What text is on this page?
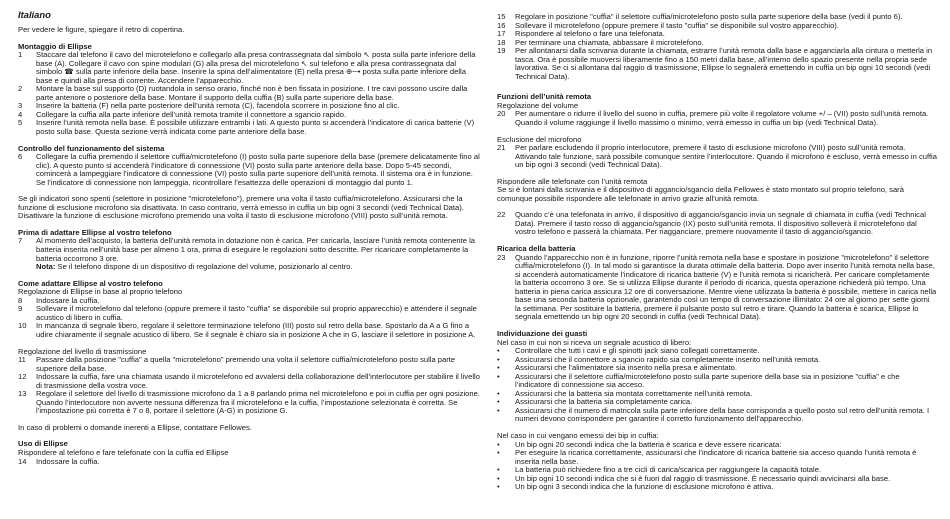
Italiano
Per vedere le figure, spiegare il retro di copertina.
Montaggio di Ellipse
1	Staccare dal telefono il cavo del microtelefono e collegarlo alla presa contrassegnata dal simbolo ↖ posta sulla parte inferiore della base (A). Collegare il cavo con spine modulari (G) alla presa del microtelefono ↖ sul telefono e alla presa contrassegnata dal simbolo ☎ sulla parte inferiore della base. Inserire la spina dell’alimentatore (E) nella presa ⊕─• posta sulla parte inferiore della base e quindi alla presa di corrente. Accendere l’apparecchio.
2	Montare la base sul supporto (D) ruotandola in senso orario, finché non è ben fissata in posizione. I tre cavi possono uscire dalla parte anteriore o posteriore della base. Montare il supporto della cuffia (B) sulla parte superiore della base.
3	Inserire la batteria (F) nella parte posteriore dell’unità remota (C), facendola scorrere in posizione fino al clic.
4	Collegare la cuffia alla parte inferiore dell’unità remota tramite il connettore a sgancio rapido.
5	Inserire l’unità remota nella base. È possibile utilizzare entrambi i lati. A questo punto si accenderà l’indicatore di carica batterie (V) posto sulla base. Questa sezione verrà indicata come parte anteriore della base.
Controllo del funzionamento del sistema
6	Collegare la cuffia premendo il selettore cuffia/microtelefono (I) posto sulla parte superiore della base (premere delicatamente fino al clic). A questo punto si accenderà l’indicatore di connessione (VI) posto sulla parte anteriore della base. Dopo 5-45 secondi, comincerà a lampeggiare l’indicatore di connessione (VI) posto sulla parte superiore dell’unità remota. Il sistema ora è in funzione. Se l’indicatore di connessione non lampeggia, ricontrollare l’esattezza delle operazioni di montaggio dal punto 1.
Se gli indicatori sono spenti (selettore in posizione "microtelefono"), premere una volta il tasto cuffia/microtelefono. Assicurarsi che la funzione di esclusione microfono sia disattivata. In caso contrario, verrà emesso in cuffia un bip ogni 3 secondi (vedi Technical Data). Disattivare la funzione di esclusione microfono premendo una volta il tasto di esclusione microfono (VIII) posto sull’unità remota.
Prima di adattare Ellipse al vostro telefono
7	Al momento dell’acquisto, la batteria dell’unità remota in dotazione non è carica. Per caricarla, lasciare l’unità remota contenente la batteria inserita nell’unità base per almeno 1 ora, prima di eseguire le regolazioni sotto descritte. Per ricaricare completamente la batteria occorrono 3 ore.
Nota: Se il telefono dispone di un dispositivo di regolazione del volume, posizionarlo al centro.
Come adattare Ellipse al vostro telefono
Regolazione di Ellipse in base al proprio telefono
8	Indossare la cuffia.
9	Sollevare il microtelefono dal telefono (oppure premere il tasto "cuffia" se disponibile sul proprio apparecchio) e attendere il segnale acustico di libero in cuffia.
10	In mancanza di segnale libero, regolare il selettore terminazione telefono (III) posto sul retro della base. Spostarlo da A a G fino a udire chiaramente il segnale acustico di libero. Se il segnale è chiaro sia in posizione A che in G, lasciare il selettore in posizione A.
Regolazione del livello di trasmissione
11	Passare dalla posizione "cuffia" a quella "microtelefono" premendo una volta il selettore cuffia/microtelefono posto sulla parte superiore della base.
12	Indossare la cuffia, fare una chiamata usando il microtelefono ed avvalersi della collaborazione dell’interlocutore per stabilire il livello di trasmissione della vostra voce.
13	Regolare il selettore del livello di trasmissione microfono da 1 a 8 parlando prima nel microtelefono e poi in cuffia per ogni posizione. Quando l’interlocutore non avverte nessuna differenza fra il microtelefono e la cuffia, l’impostazione selezionata è corretta. Se l’impostazione più corretta è 7 o 8, portare il selettore (A-G) in posizione G.
In caso di problemi o domande inerenti a Ellipse, contattare Fellowes.
Uso di Ellipse
Rispondere al telefono e fare telefonate con la cuffia ed Ellipse
14	Indossare la cuffia.
15	Regolare in posizione "cuffia" il selettore cuffia/microtelefono posto sulla parte superiore della base (vedi il punto 6).
16	Sollevare il microtelefono (oppure premere il tasto "cuffia" se disponibile sul vostro apparecchio).
17	Rispondere al telefono o fare una telefonata.
18	Per terminare una chiamata, abbassare il microtelefono.
19	Per allontanarsi dalla scrivania durante la chiamata, estrarre l’unità remota dalla base e agganciarla alla cintura o metterla in tasca. Ora è possibile muoversi liberamente fino a 150 metri dalla base, all’interno dello spazio presente nella propria sede lavorativa. Se ci si allontana dal raggio di trasmissione, Ellipse lo segnalerà emettendo in cuffia un bip ogni 10 secondi (vedi Technical Data).
Funzioni dell’unità remota
Regolazione del volume
20	Per aumentare o ridurre il livello del suono in cuffia, premere più volte il regolatore volume +/ – (VII) posto sull’unità remota. Quando il volume raggiunge il livello massimo o minimo, verrà emesso in cuffia un bip (vedi Technical Data).
Esclusione del microfono
21	Per parlare escludendo il proprio interlocutore, premere il tasto di esclusione microfono (VIII) posto sull’unità remota. Attivando tale funzione, sarà possibile comunque sentire l’interlocutore. Quando il microfono è escluso, verrà emesso in cuffia un bip ogni 3 secondi (vedi Technical Data).
Rispondere alle telefonate con l’unità remota
Se si è lontani dalla scrivania e il dispositivo di aggancio/sgancio della Fellowes è stato montato sul proprio telefono, sarà comunque possibile rispondere alle telefonate in arrivo grazie all’unità remota.
22	Quando c’è una telefonata in arrivo, il dispositivo di aggancio/sgancio invia un segnale di chiamata in cuffia (vedi Technical Data). Premere il tasto rosso di aggancio/sgancio (IX) posto sull’unità remota. Il dispositivo solleverà il microtelefono dal vostro telefono e passerà la chiamata. Per riagganciare, premere nuovamente il tasto di aggancio/sgancio.
Ricarica della batteria
23	Quando l’apparecchio non è in funzione, riporre l’unità remota nella base e spostare in posizione "microtelefono" il selettore cuffia/microtelefono (I). In tal modo si garantisce la durata ottimale della batteria. Dopo aver inserito l’unità remota nella base, si accenderà automaticamente l’indicatore di ricarica batterie (V) e l’unità remota si ricaricherà. Per caricare completamente la batteria occorrono 3 ore. Se si utilizza Ellipse durante il periodo di ricarica, questa operazione richiederà più tempo. Una batteria in piena carica assicura 12 ore di conversazione. Mentre viene utilizzata la batteria è possibile, mettere in carica nella base una seconda batteria opzionale, garantendo così un tempo di conversazione illimitato: 24 ore al giorno per sette giorni la settimana. Per sostituire la batteria, premere il pulsante posto sul retro e tirare. Quando la batteria è scarica, Ellipse lo segnala emettendo un bip ogni 20 secondi in cuffia (vedi Technical Data).
Individuazione dei guasti
Nel caso in cui non si riceva un segnale acustico di libero:
•	Controllare che tutti i cavi e gli spinotti jack siano collegati correttamente.
•	Assicurarsi che il connettore a sgancio rapido sia completamente inserito nell’unità remota.
•	Assicurarsi che l’alimentatore sia inserito nella presa e alimentato.
•	Assicurarsi che il selettore cuffia/microtelefono posto sulla parte superiore della base sia in posizione "cuffia" e che l’indicatore di connessione sia acceso.
•	Assicurarsi che la batteria sia montata correttamente nell’unità remota.
•	Assicurarsi che la batteria sia completamente carica.
•	Assicurarsi che il numero di matricola sulla parte inferiore della base corrisponda a quello posto sul retro dell’unità remota. I numeri devono corrispondere per garantire il corretto funzionamento dell’apparecchio.
Nel caso in cui vengano emessi dei bip in cuffia:
•	Un bip ogni 20 secondi indica che la batteria è scarica e deve essere ricaricata:
•	Per eseguire la ricarica correttamente, assicurarsi che l’indicatore di ricarica batterie sia acceso quando l’unità remota è inserita nella base.
•	La batteria può richiedere fino a tre cicli di carica/scarica per raggiungere la capacità totale.
•	Un bip ogni 10 secondi indica che si è fuori dal raggio di trasmissione. È necessario quindi avvicinarsi alla base.
•	Un bip ogni 3 secondi indica che la funzione di esclusione microfono è attiva.
